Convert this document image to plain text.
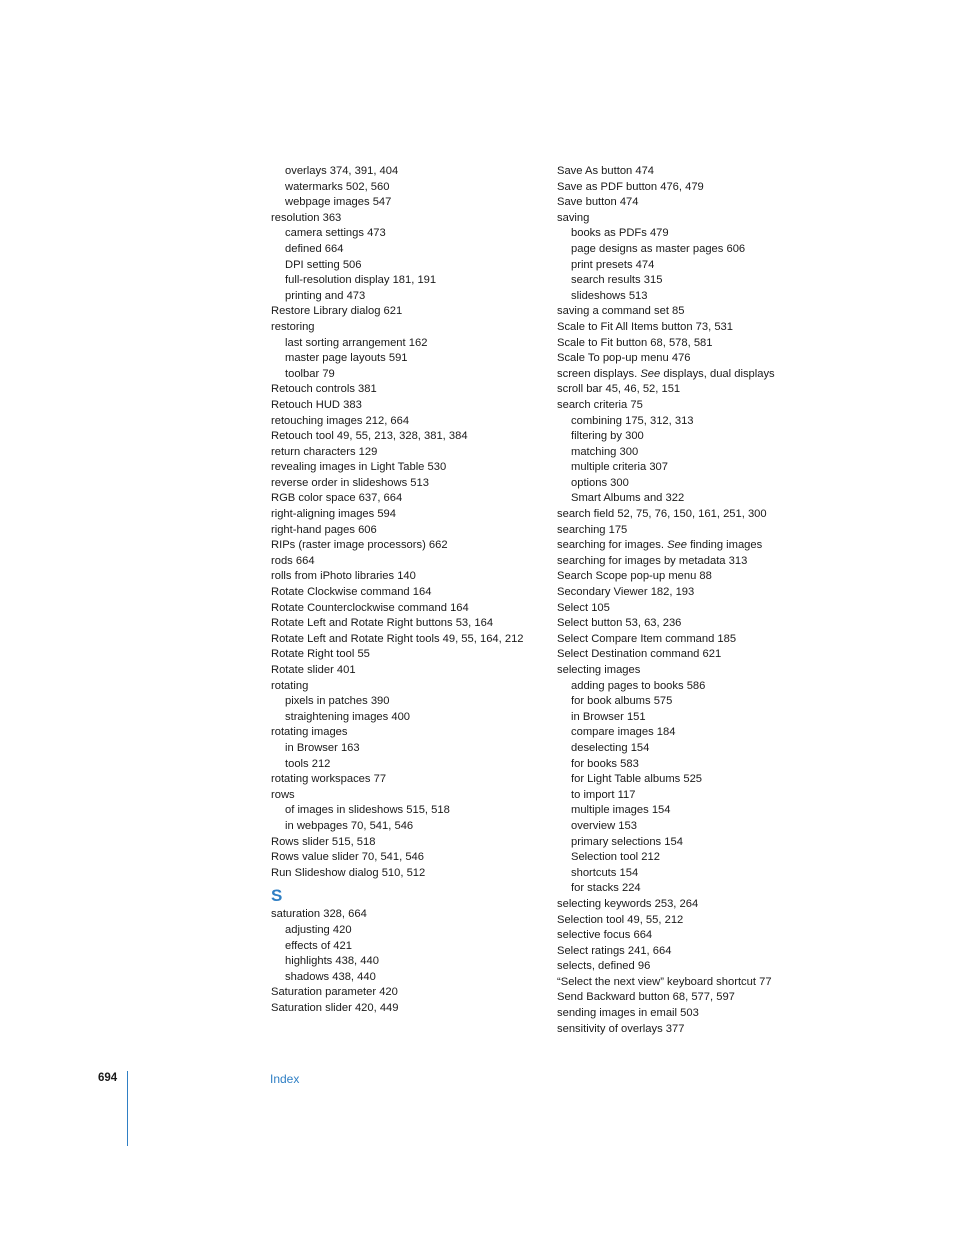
overlays 374, 391, 404
watermarks 502, 560
webpage images 547
resolution 363
camera settings 473
defined 664
DPI setting 506
full-resolution display 181, 191
printing and 473
Restore Library dialog 621
restoring
last sorting arrangement 162
master page layouts 591
toolbar 79
Retouch controls 381
Retouch HUD 383
retouching images 212, 664
Retouch tool 49, 55, 213, 328, 381, 384
return characters 129
revealing images in Light Table 530
reverse order in slideshows 513
RGB color space 637, 664
right-aligning images 594
right-hand pages 606
RIPs (raster image processors) 662
rods 664
rolls from iPhoto libraries 140
Rotate Clockwise command 164
Rotate Counterclockwise command 164
Rotate Left and Rotate Right buttons 53, 164
Rotate Left and Rotate Right tools 49, 55, 164, 212
Rotate Right tool 55
Rotate slider 401
rotating
pixels in patches 390
straightening images 400
rotating images
in Browser 163
tools 212
rotating workspaces 77
rows
of images in slideshows 515, 518
in webpages 70, 541, 546
Rows slider 515, 518
Rows value slider 70, 541, 546
Run Slideshow dialog 510, 512
S
saturation 328, 664
adjusting 420
effects of 421
highlights 438, 440
shadows 438, 440
Saturation parameter 420
Saturation slider 420, 449
Save As button 474
Save as PDF button 476, 479
Save button 474
saving
books as PDFs 479
page designs as master pages 606
print presets 474
search results 315
slideshows 513
saving a command set 85
Scale to Fit All Items button 73, 531
Scale to Fit button 68, 578, 581
Scale To pop-up menu 476
screen displays. See displays, dual displays
scroll bar 45, 46, 52, 151
search criteria 75
combining 175, 312, 313
filtering by 300
matching 300
multiple criteria 307
options 300
Smart Albums and 322
search field 52, 75, 76, 150, 161, 251, 300
searching 175
searching for images. See finding images
searching for images by metadata 313
Search Scope pop-up menu 88
Secondary Viewer 182, 193
Select 105
Select button 53, 63, 236
Select Compare Item command 185
Select Destination command 621
selecting images
adding pages to books 586
for book albums 575
in Browser 151
compare images 184
deselecting 154
for books 583
for Light Table albums 525
to import 117
multiple images 154
overview 153
primary selections 154
Selection tool 212
shortcuts 154
for stacks 224
selecting keywords 253, 264
Selection tool 49, 55, 212
selective focus 664
Select ratings 241, 664
selects, defined 96
“Select the next view” keyboard shortcut 77
Send Backward button 68, 577, 597
sending images in email 503
sensitivity of overlays 377
694	Index
